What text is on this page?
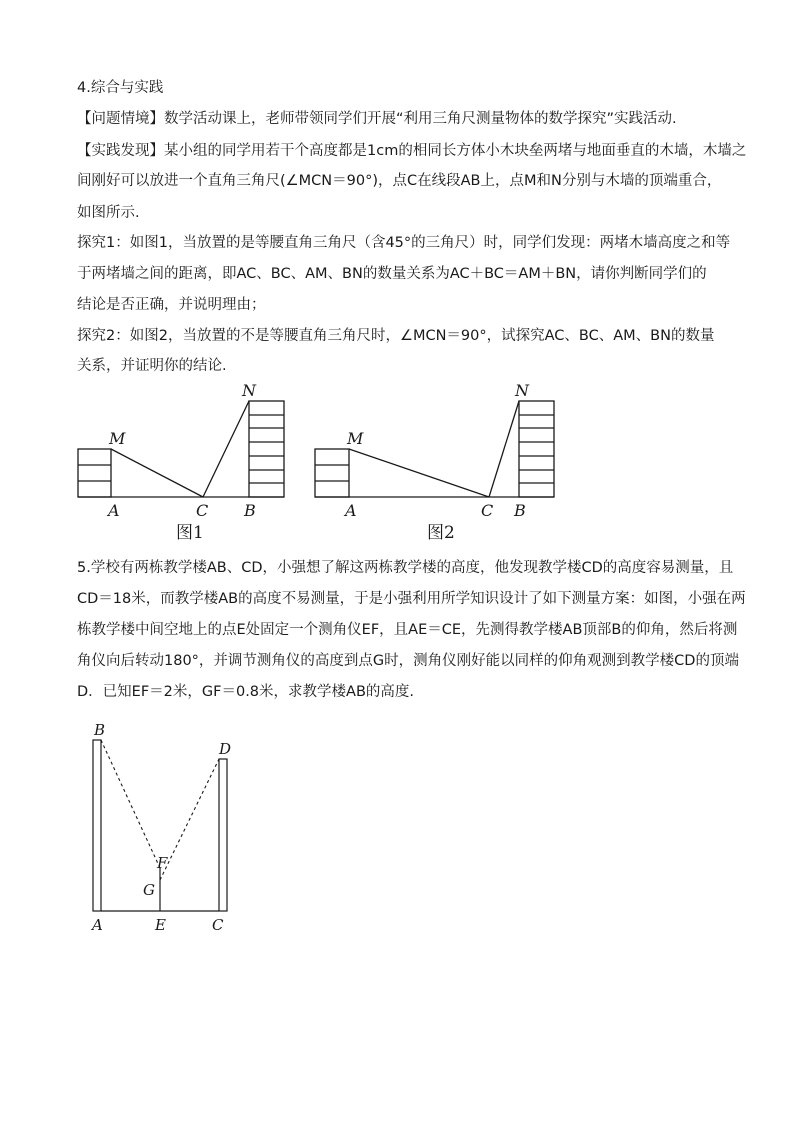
4.综合与实践
【问题情境】数学活动课上，老师带领同学们开展“利用三角尺测量物体的数学探究”实践活动.
【实践发现】某小组的同学用若干个高度都是1cm的相同长方体小木块垒两堵与地面垂直的木墙，木墙之
间刚好可以放进一个直角三角尺(∠MCN＝90°)，点C在线段AB上，点M和N分别与木墙的顶端重合，
如图所示.
探究1：如图1，当放置的是等腰直角三角尺（含45°的三角尺）时，同学们发现：两堵木墙高度之和等
于两堵墙之间的距离，即AC、BC、AM、BN的数量关系为AC＋BC＝AM＋BN，请你判断同学们的
结论是否正确，并说明理由；
探究2：如图2，当放置的不是等腰直角三角尺时，∠MCN＝90°，试探究AC、BC、AM、BN的数量
关系，并证明你的结论.
M
N
A	C B
图1
M
N
A	C B
图2
5.学校有两栋教学楼AB、CD，小强想了解这两栋教学楼的高度，他发现教学楼CD的高度容易测量，且
CD＝18米，而教学楼AB的高度不易测量，于是小强利用所学知识设计了如下测量方案：如图，小强在两
栋教学楼中间空地上的点E处固定一个测角仪EF，且AE＝CE，先测得教学楼AB顶部B的仰角，然后将测
角仪向后转动180°，并调节测角仪的高度到点G时，测角仪刚好能以同样的仰角观测到教学楼CD的顶端
D．已知EF＝2米，GF＝0.8米，求教学楼AB的高度.
B
D
F
G
A	E	C
